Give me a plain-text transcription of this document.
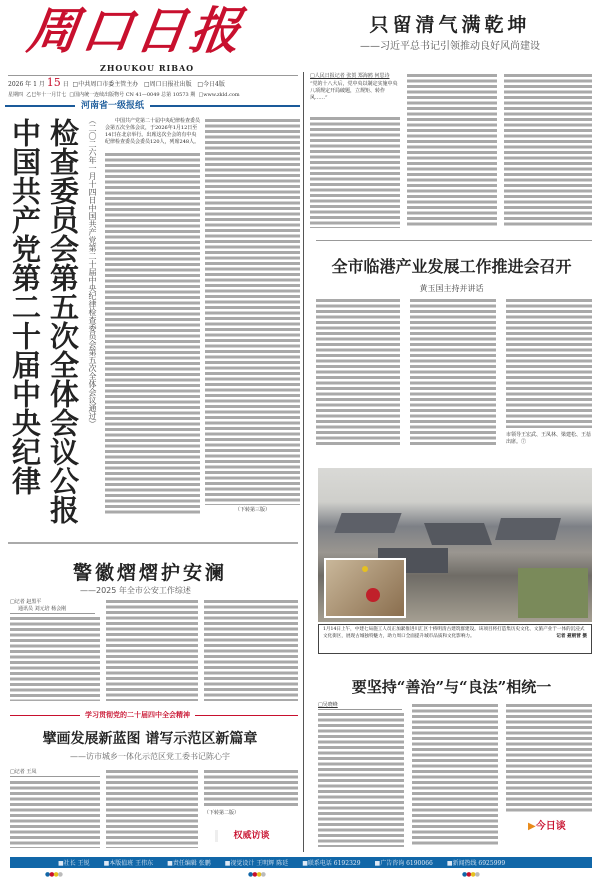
周口日报
ZHOUKOU RIBAO
2026 年 1 月 15 日 □中共周口市委主管主办 □周口日报社出版 □今日4版
星期四 乙巳年十一月廿七 □国内统一连续出版物号 CN 41—0049 总第 10573 期 □www.zkld.com
河南省一级报纸
只留清气满乾坤
——习近平总书记引领推动良好风尚建设
□人民日报记者 张贺 郑海鸥 何思诗
“党的十八大后，党中央以制定实施中央八项规定开局破题，立规矩、转作风……”
中国共产党第二十届中央纪律 检查委员会第五次全体会议公报 （二〇二六年一月十四日中国共产党第二十届中央纪律检查委员会第五次全体会议通过）	中国共产党第二十届中央纪律检查委员会第五次全体会议，于2026年1月12日至14日在北京举行。出席这次全会的有中央纪律检查委员会委员120人，列席248人。
（下转第三版）
警徽熠熠护安澜
——2025 年全市公安工作综述
□记者 赵黑平
通讯员 刘元培 杨会刚
学习贯彻党的二十届四中全会精神
擘画发展新蓝图 谱写示范区新篇章
——访市城乡一体化示范区党工委书记陈心宇
□记者 王凤
（下转第二版）
权威访谈
全市临港产业发展工作推进会召开
黄玉国主持并讲话
市领导王宏武、王凤林、梁建松、王蓓出席。⑦
1月14日上午，中建七局施工人员正加紧推进川汇区十桥明清古建筑群建设。该项目将打造集历史文化、文旅产业于一体的沉浸式文化街区，展现古城独特魅力，助力周口全面提升城市品质和文化影响力。	记者 聂朝营 摄
要坚持“善治”与“良法”相统一
□吴晓峰
▶今日谈
■社长 王锐 ■本版值班 王伟东 ■责任编辑 张鹏 ■视觉设计 王明辉 陈廷 ■联系电话 6192329 ■广告咨询 6190066 ■新闻热线 6925999
●●●●	●●●●	●●●●
